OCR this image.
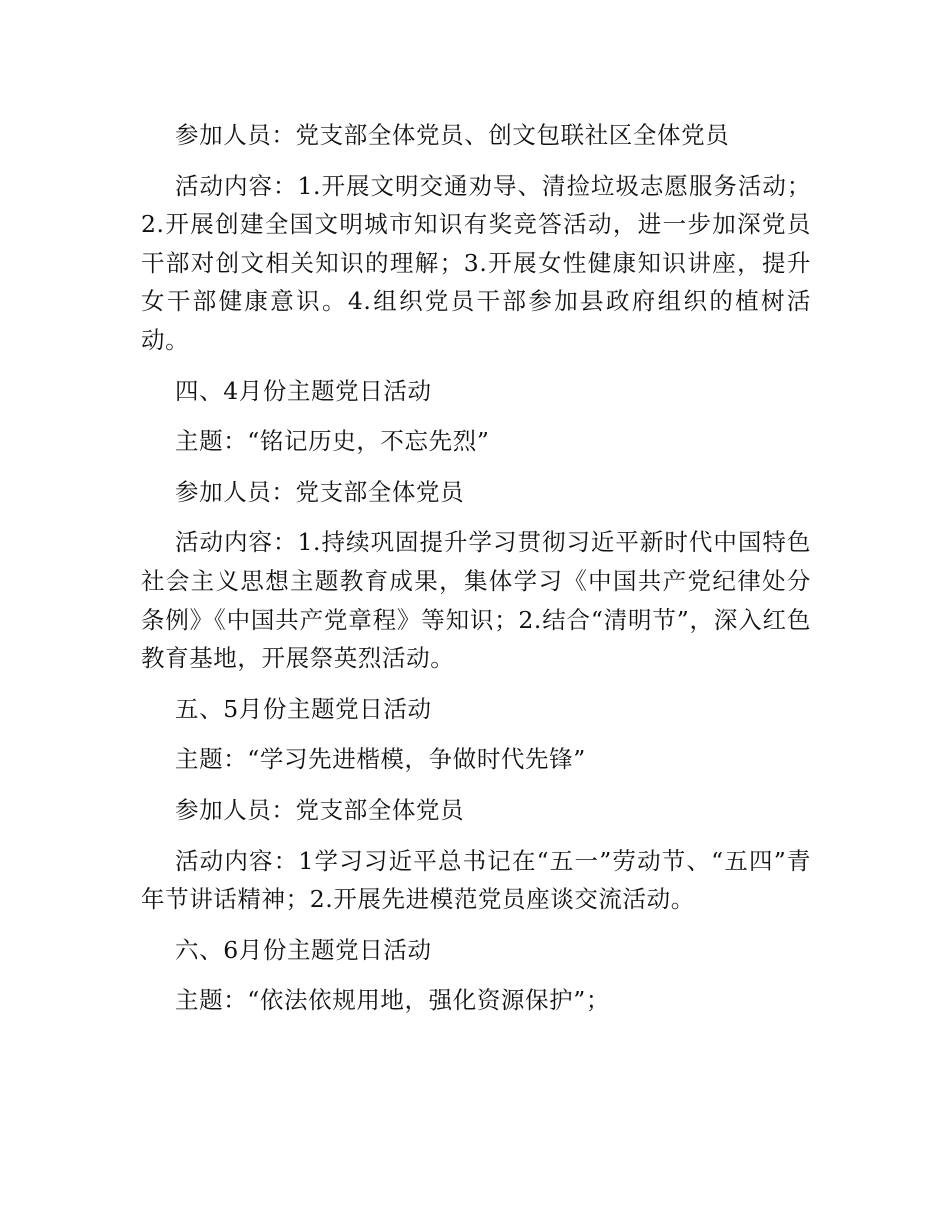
参加人员：党支部全体党员、创文包联社区全体党员

活动内容：1.开展文明交通劝导、清捡垃圾志愿服务活动；2.开展创建全国文明城市知识有奖竞答活动，进一步加深党员干部对创文相关知识的理解；3.开展女性健康知识讲座，提升女干部健康意识。4.组织党员干部参加县政府组织的植树活动。

四、4月份主题党日活动

主题：“铭记历史，不忘先烈”

参加人员：党支部全体党员

活动内容：1.持续巩固提升学习贯彻习近平新时代中国特色社会主义思想主题教育成果，集体学习《中国共产党纪律处分条例》《中国共产党章程》等知识；2.结合“清明节”，深入红色教育基地，开展祭英烈活动。

五、5月份主题党日活动

主题：“学习先进楷模，争做时代先锋”

参加人员：党支部全体党员

活动内容：1学习习近平总书记在“五一”劳动节、“五四”青年节讲话精神；2.开展先进模范党员座谈交流活动。

六、6月份主题党日活动

主题：“依法依规用地，强化资源保护”；
